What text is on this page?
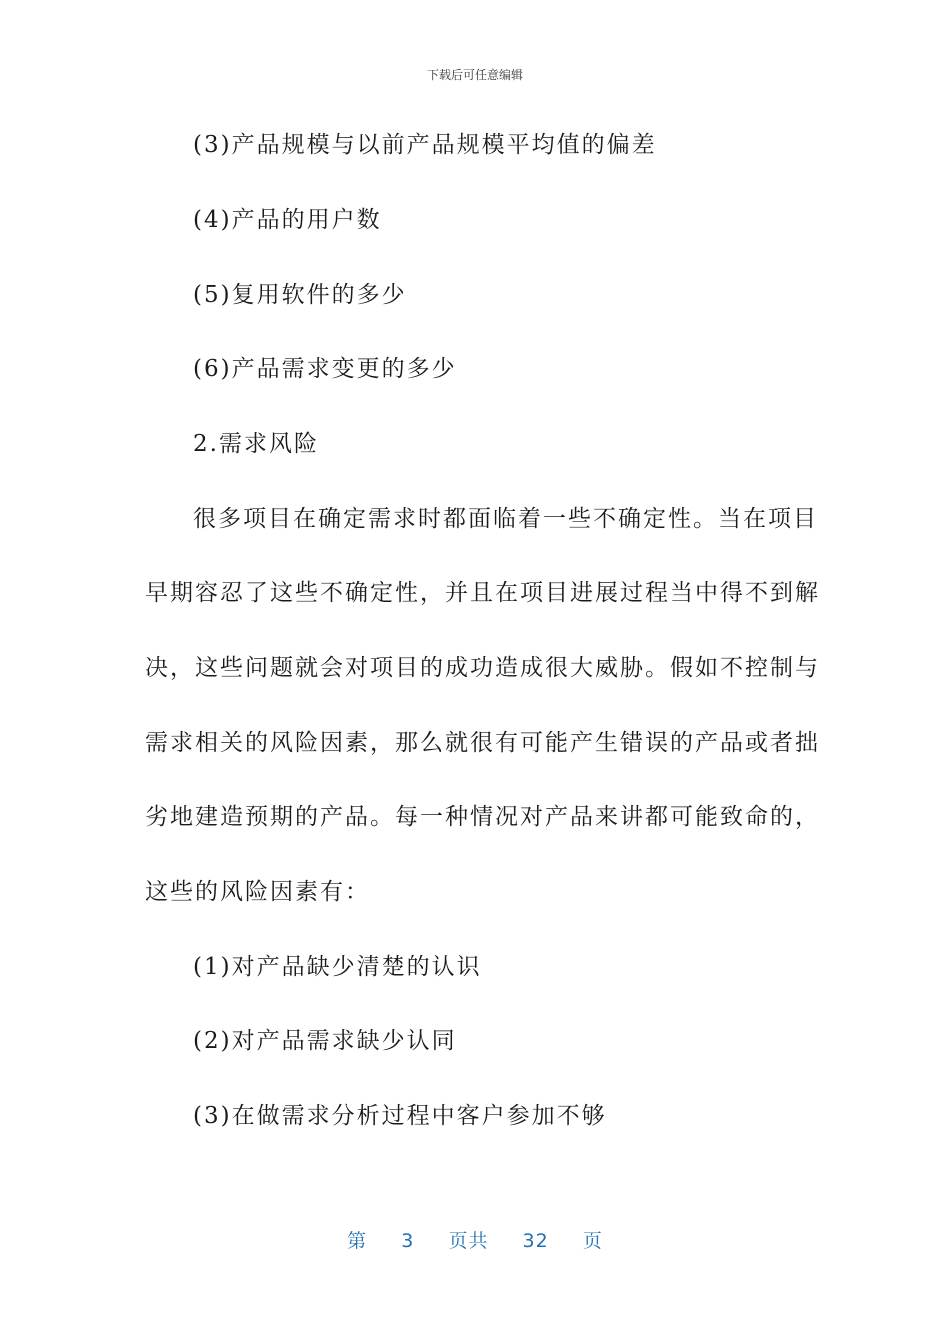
下载后可任意编辑
(3)产品规模与以前产品规模平均值的偏差
(4)产品的用户数
(5)复用软件的多少
(6)产品需求变更的多少
2.需求风险
很多项目在确定需求时都面临着一些不确定性。当在项目
早期容忍了这些不确定性，并且在项目进展过程当中得不到解
决，这些问题就会对项目的成功造成很大威胁。假如不控制与
需求相关的风险因素，那么就很有可能产生错误的产品或者拙
劣地建造预期的产品。每一种情况对产品来讲都可能致命的，
这些的风险因素有：
(1)对产品缺少清楚的认识
(2)对产品需求缺少认同
(3)在做需求分析过程中客户参加不够
第 3 页共 32 页
